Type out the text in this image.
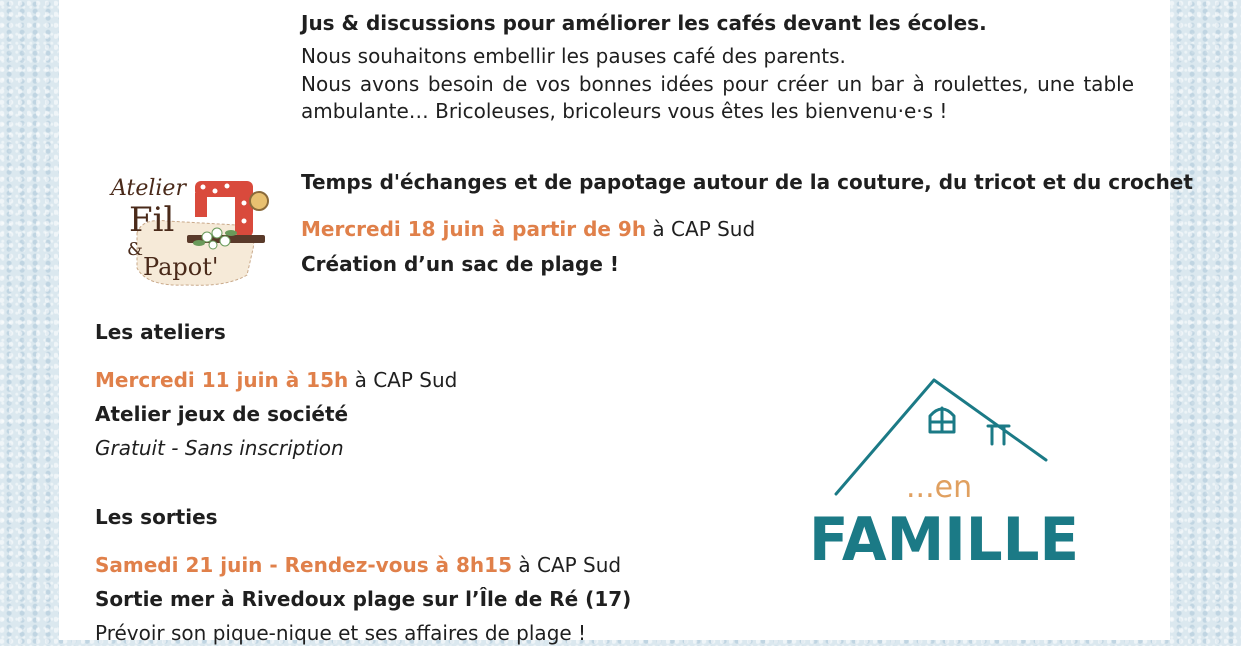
Jus & discussions pour améliorer les cafés devant les écoles.
Nous souhaitons embellir les pauses café des parents.
Nous avons besoin de vos bonnes idées pour créer un bar à roulettes, une table ambulante… Bricoleuses, bricoleurs vous êtes les bienvenu·e·s !
Atelier
Fil
&
Papot'
Temps d'échanges et de papotage autour de la couture, du tricot et du crochet
Mercredi 18 juin à partir de 9h à CAP Sud
Création d’un sac de plage !
Les ateliers
Mercredi 11 juin à 15h à CAP Sud
Atelier jeux de société
Gratuit - Sans inscription
Les sorties
Samedi 21 juin - Rendez-vous à 8h15 à CAP Sud
Sortie mer à Rivedoux plage sur l’Île de Ré (17)
Prévoir son pique-nique et ses affaires de plage !
...en
FAMILLE
